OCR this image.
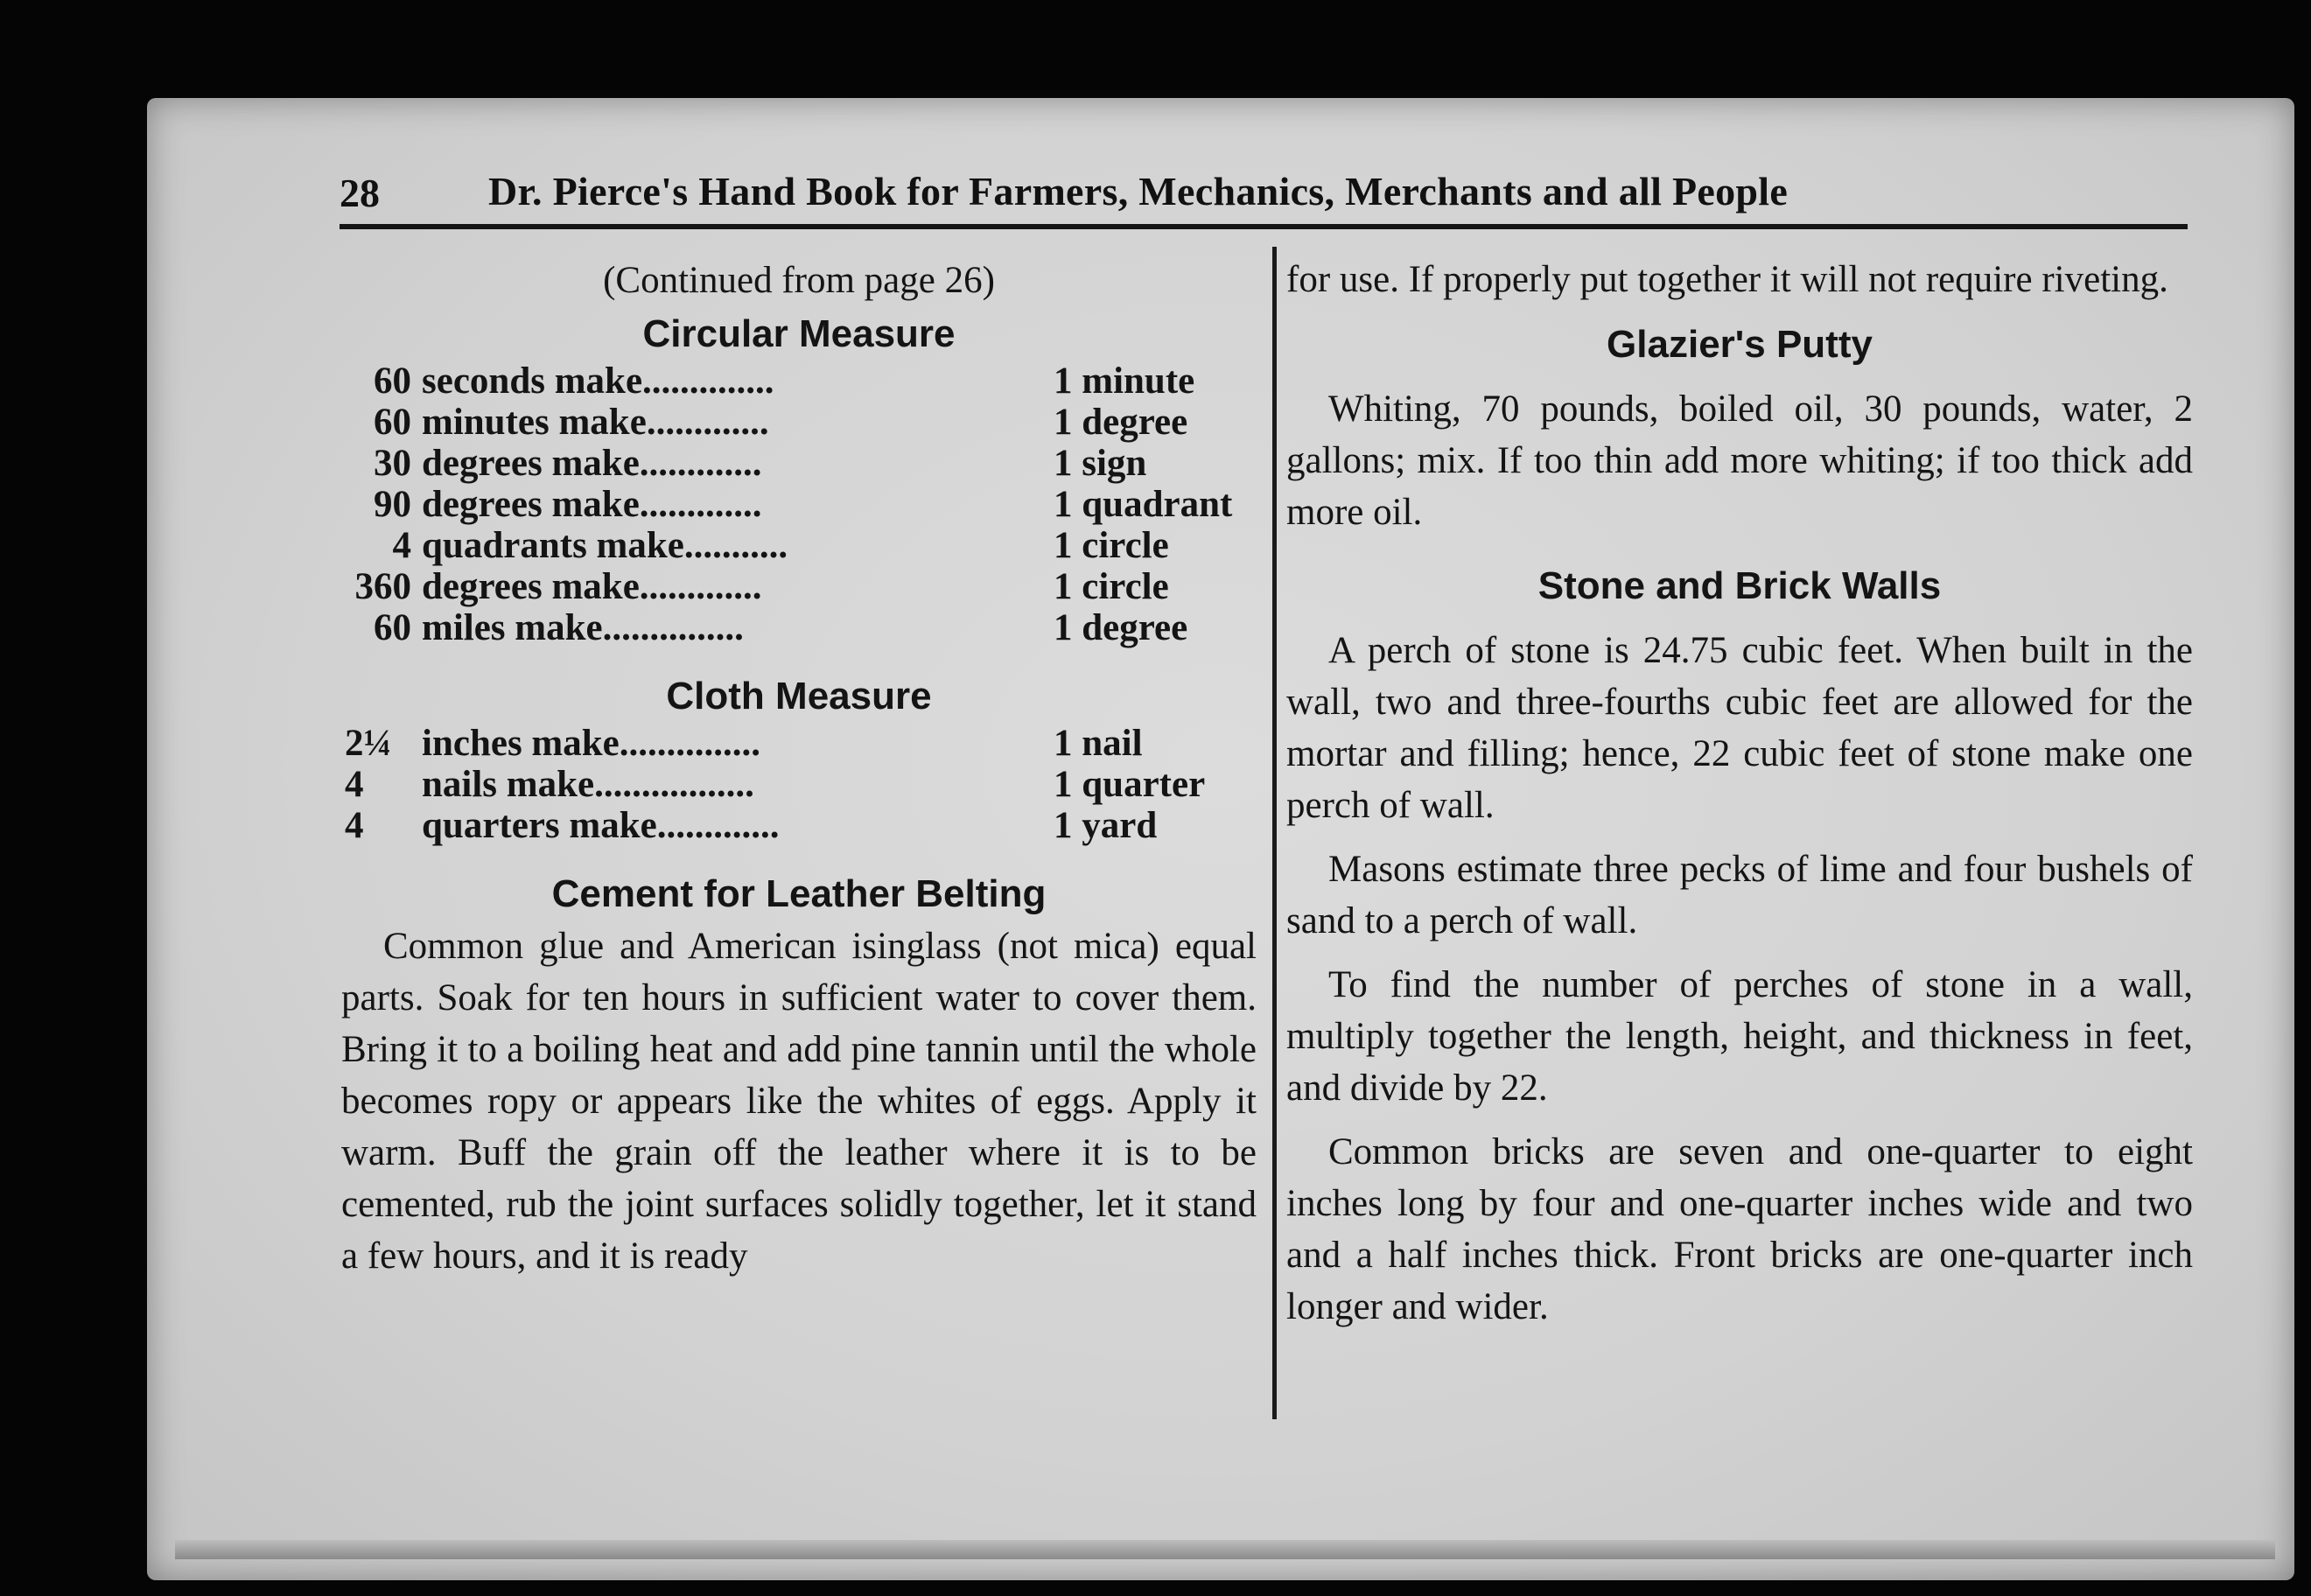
28	Dr. Pierce's Hand Book for Farmers, Mechanics, Merchants and all People
(Continued from page 26)
Circular Measure
60 seconds make..............	1 minute
60 minutes make.............	1 degree
30 degrees make.............	1 sign
90 degrees make.............	1 quadrant
4 quadrants make...........	1 circle
360 degrees make.............	1 circle
60 miles make...............	1 degree
Cloth Measure
2¼ inches make...............	1 nail
4	nails make.................	1 quarter
4	quarters make.............	1 yard
Cement for Leather Belting

Common glue and American isinglass (not mica) equal parts. Soak for ten hours in sufficient water to cover them. Bring it to a boiling heat and add pine tannin until the whole becomes ropy or appears like the whites of eggs. Apply it warm. Buff the grain off the leather where it is to be cemented, rub the joint surfaces solidly together, let it stand a few hours, and it is ready

for use. If properly put together it will not require riveting.

Glazier's Putty

Whiting, 70 pounds, boiled oil, 30 pounds, water, 2 gallons; mix. If too thin add more whiting; if too thick add more oil.

Stone and Brick Walls

A perch of stone is 24.75 cubic feet. When built in the wall, two and three-fourths cubic feet are allowed for the mortar and filling; hence, 22 cubic feet of stone make one perch of wall.

Masons estimate three pecks of lime and four bushels of sand to a perch of wall.

To find the number of perches of stone in a wall, multiply together the length, height, and thickness in feet, and divide by 22.

Common bricks are seven and one-quarter to eight inches long by four and one-quarter inches wide and two and a half inches thick. Front bricks are one-quarter inch longer and wider.
